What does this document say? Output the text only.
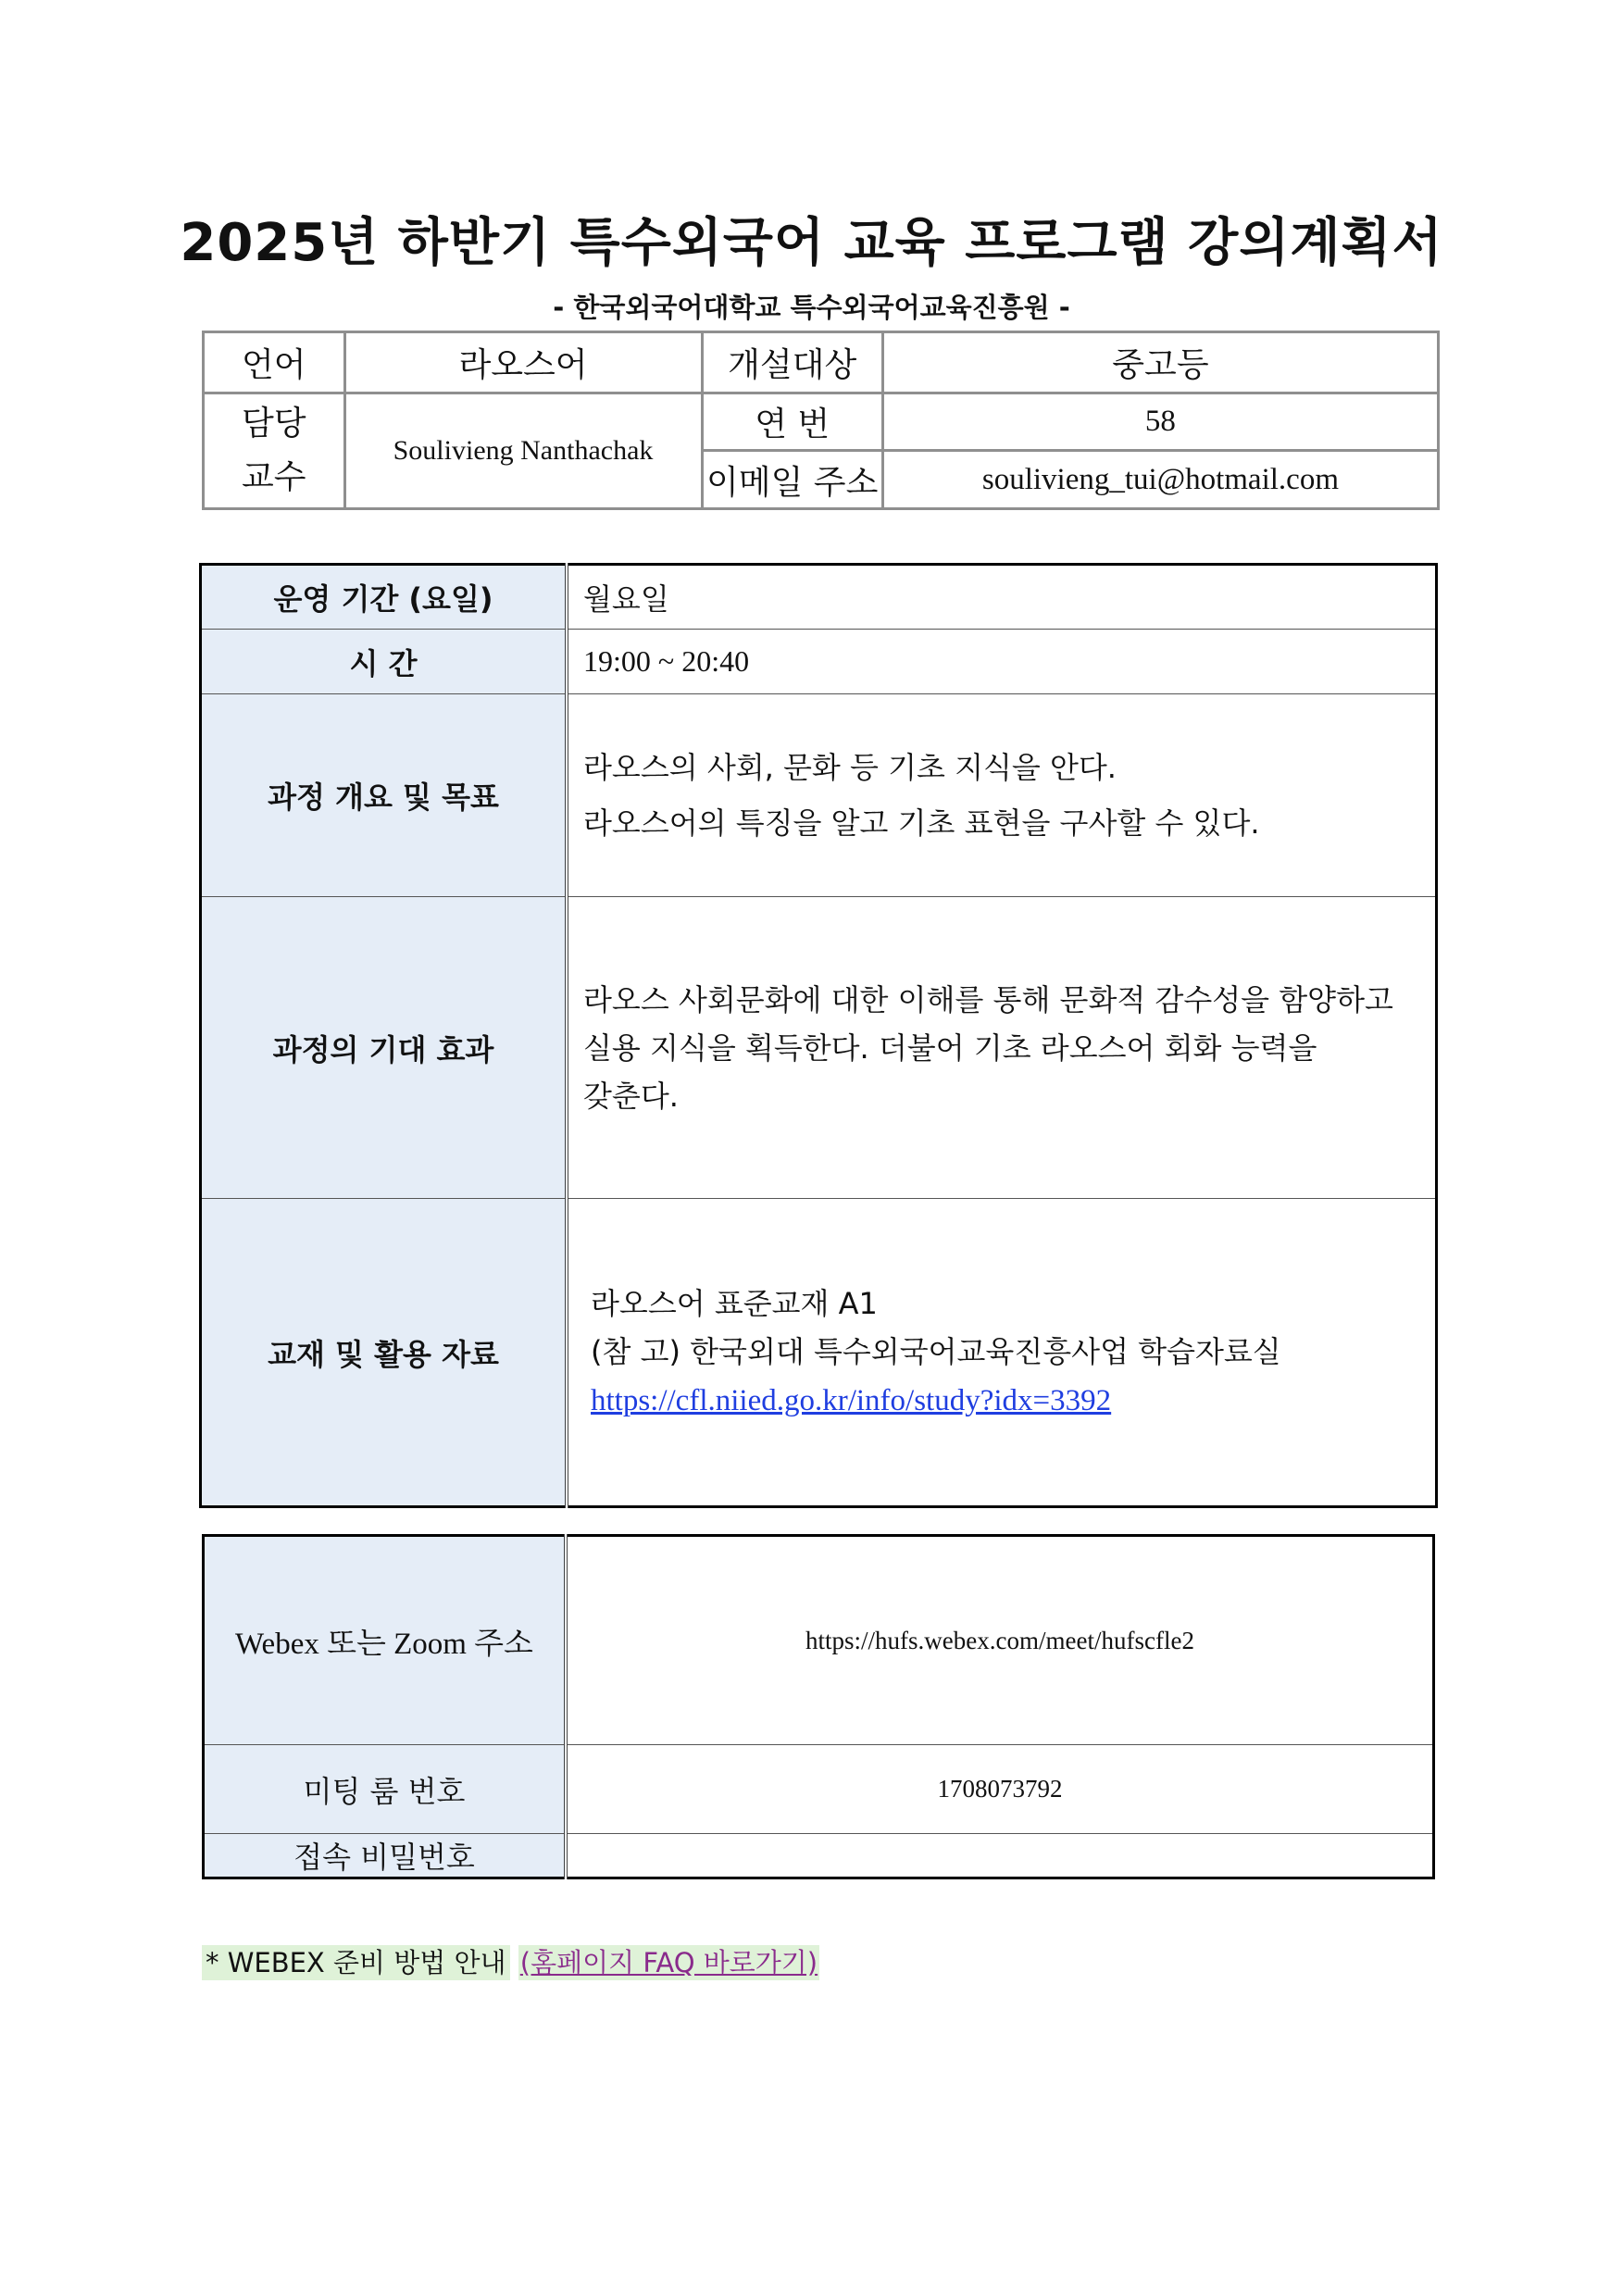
2025년 하반기 특수외국어 교육 프로그램 강의계획서
- 한국외국어대학교 특수외국어교육진흥원 -
언어	라오스어	개설대상	중고등

담당
교수	Soulivieng Nanthachak	연 번	58
		이메일 주소	soulivieng_tui@hotmail.com
운영 기간 (요일)	월요일
시 간	19:00 ~ 20:40
과정 개요 및 목표	라오스의 사회, 문화 등 기초 지식을 안다.
라오스어의 특징을 알고 기초 표현을 구사할 수 있다.

과정의 기대 효과	라오스 사회문화에 대한 이해를 통해 문화적 감수성을 함양하고
실용 지식을 획득한다. 더불어 기초 라오스어 회화 능력을
갖춘다.

교재 및 활용 자료	라오스어 표준교재 A1
(참 고) 한국외대 특수외국어교육진흥사업 학습자료실
https://cfl.niied.go.kr/info/study?idx=3392
Webex 또는 Zoom 주소	https://hufs.webex.com/meet/hufscfle2
미팅 룸 번호	1708073792
접속 비밀번호	
* WEBEX 준비 방법 안내 (홈페이지 FAQ 바로가기)
